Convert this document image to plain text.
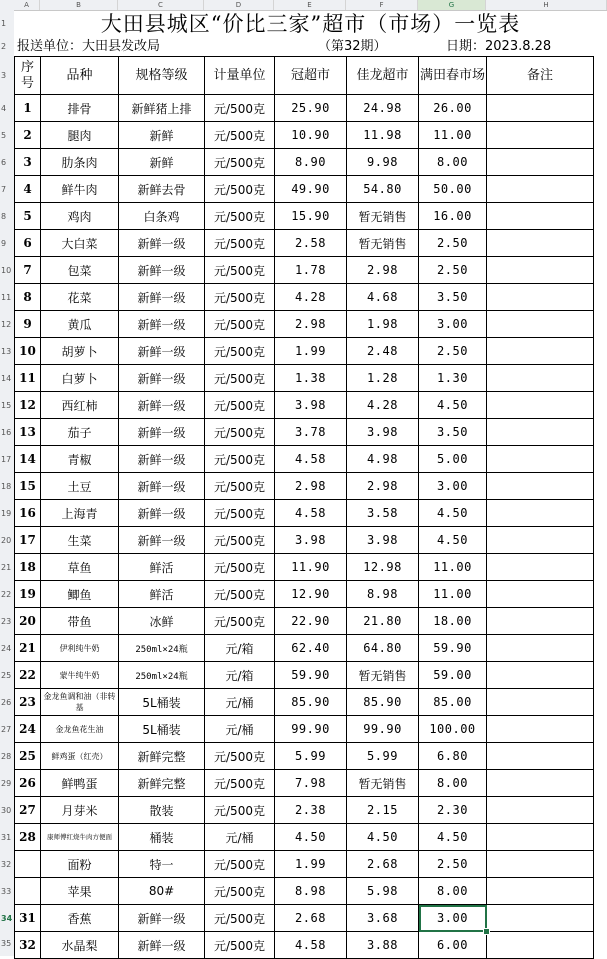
A	B	C	D	E	F	G	H
1
2
3
4
5
6
7
8
9
10
11
12
13
14
15
16
17
18
19
20
21
22
23
24
25
26
27
28
29
30
31
32
33
34
35
大田县城区“价比三家”超市（市场）一览表
报送单位：大田县发改局	（第32期）	日期：2023.8.28
序号	品种	规格等级	计量单位	冠超市	佳龙超市	满田春市场	备注
1	排骨	新鲜猪上排	元/500克	25.90	24.98	26.00	
2	腿肉	新鲜	元/500克	10.90	11.98	11.00	
3	肋条肉	新鲜	元/500克	8.90	9.98	8.00	
4	鲜牛肉	新鲜去骨	元/500克	49.90	54.80	50.00	
5	鸡肉	白条鸡	元/500克	15.90	暂无销售	16.00	
6	大白菜	新鲜一级	元/500克	2.58	暂无销售	2.50	
7	包菜	新鲜一级	元/500克	1.78	2.98	2.50	
8	花菜	新鲜一级	元/500克	4.28	4.68	3.50	
9	黄瓜	新鲜一级	元/500克	2.98	1.98	3.00	
10	胡萝卜	新鲜一级	元/500克	1.99	2.48	2.50	
11	白萝卜	新鲜一级	元/500克	1.38	1.28	1.30	
12	西红柿	新鲜一级	元/500克	3.98	4.28	4.50	
13	茄子	新鲜一级	元/500克	3.78	3.98	3.50	
14	青椒	新鲜一级	元/500克	4.58	4.98	5.00	
15	土豆	新鲜一级	元/500克	2.98	2.98	3.00	
16	上海青	新鲜一级	元/500克	4.58	3.58	4.50	
17	生菜	新鲜一级	元/500克	3.98	3.98	4.50	
18	草鱼	鲜活	元/500克	11.90	12.98	11.00	
19	鲫鱼	鲜活	元/500克	12.90	8.98	11.00	
20	带鱼	冰鲜	元/500克	22.90	21.80	18.00	
21	伊利纯牛奶	250ml×24瓶	元/箱	62.40	64.80	59.90	
22	蒙牛纯牛奶	250ml×24瓶	元/箱	59.90	暂无销售	59.00	
23	金龙鱼调和油（非转基	5L桶装	元/桶	85.90	85.90	85.00	
24	金龙鱼花生油	5L桶装	元/桶	99.90	99.90	100.00	
25	鲜鸡蛋（红壳）	新鲜完整	元/500克	5.99	5.99	6.80	
26	鲜鸭蛋	新鲜完整	元/500克	7.98	暂无销售	8.00	
27	月芽米	散装	元/500克	2.38	2.15	2.30	
28	康师傅红烧牛肉方便面	桶装	元/桶	4.50	4.50	4.50	
	面粉	特一	元/500克	1.99	2.68	2.50	
	苹果	80#	元/500克	8.98	5.98	8.00	
31	香蕉	新鲜一级	元/500克	2.68	3.68	3.00	
32	水晶梨	新鲜一级	元/500克	4.58	3.88	6.00	
